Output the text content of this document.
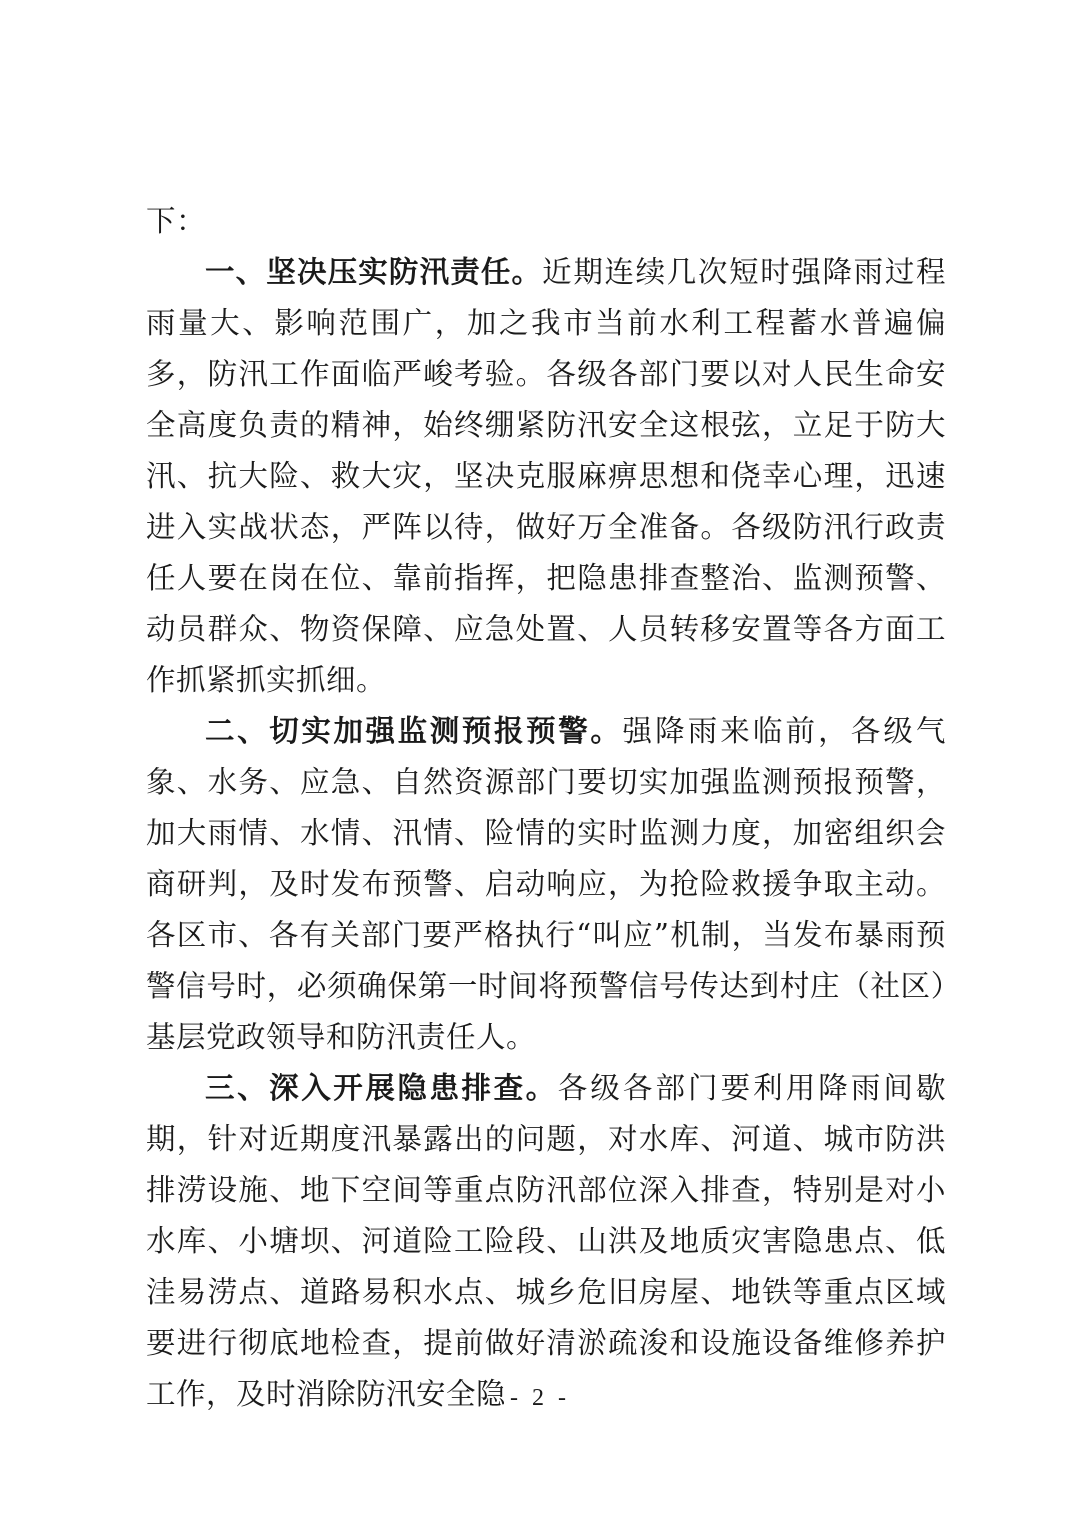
下：

一、坚决压实防汛责任。近期连续几次短时强降雨过程雨量大、影响范围广，加之我市当前水利工程蓄水普遍偏多，防汛工作面临严峻考验。各级各部门要以对人民生命安全高度负责的精神，始终绷紧防汛安全这根弦，立足于防大汛、抗大险、救大灾，坚决克服麻痹思想和侥幸心理，迅速进入实战状态，严阵以待，做好万全准备。各级防汛行政责任人要在岗在位、靠前指挥，把隐患排查整治、监测预警、动员群众、物资保障、应急处置、人员转移安置等各方面工作抓紧抓实抓细。

二、切实加强监测预报预警。强降雨来临前，各级气象、水务、应急、自然资源部门要切实加强监测预报预警，加大雨情、水情、汛情、险情的实时监测力度，加密组织会商研判，及时发布预警、启动响应，为抢险救援争取主动。各区市、各有关部门要严格执行“叫应”机制，当发布暴雨预警信号时，必须确保第一时间将预警信号传达到村庄（社区）基层党政领导和防汛责任人。

三、深入开展隐患排查。各级各部门要利用降雨间歇期，针对近期度汛暴露出的问题，对水库、河道、城市防洪排涝设施、地下空间等重点防汛部位深入排查，特别是对小水库、小塘坝、河道险工险段、山洪及地质灾害隐患点、低洼易涝点、道路易积水点、城乡危旧房屋、地铁等重点区域要进行彻底地检查，提前做好清淤疏浚和设施设备维修养护工作，及时消除防汛安全隐 - 2 -
